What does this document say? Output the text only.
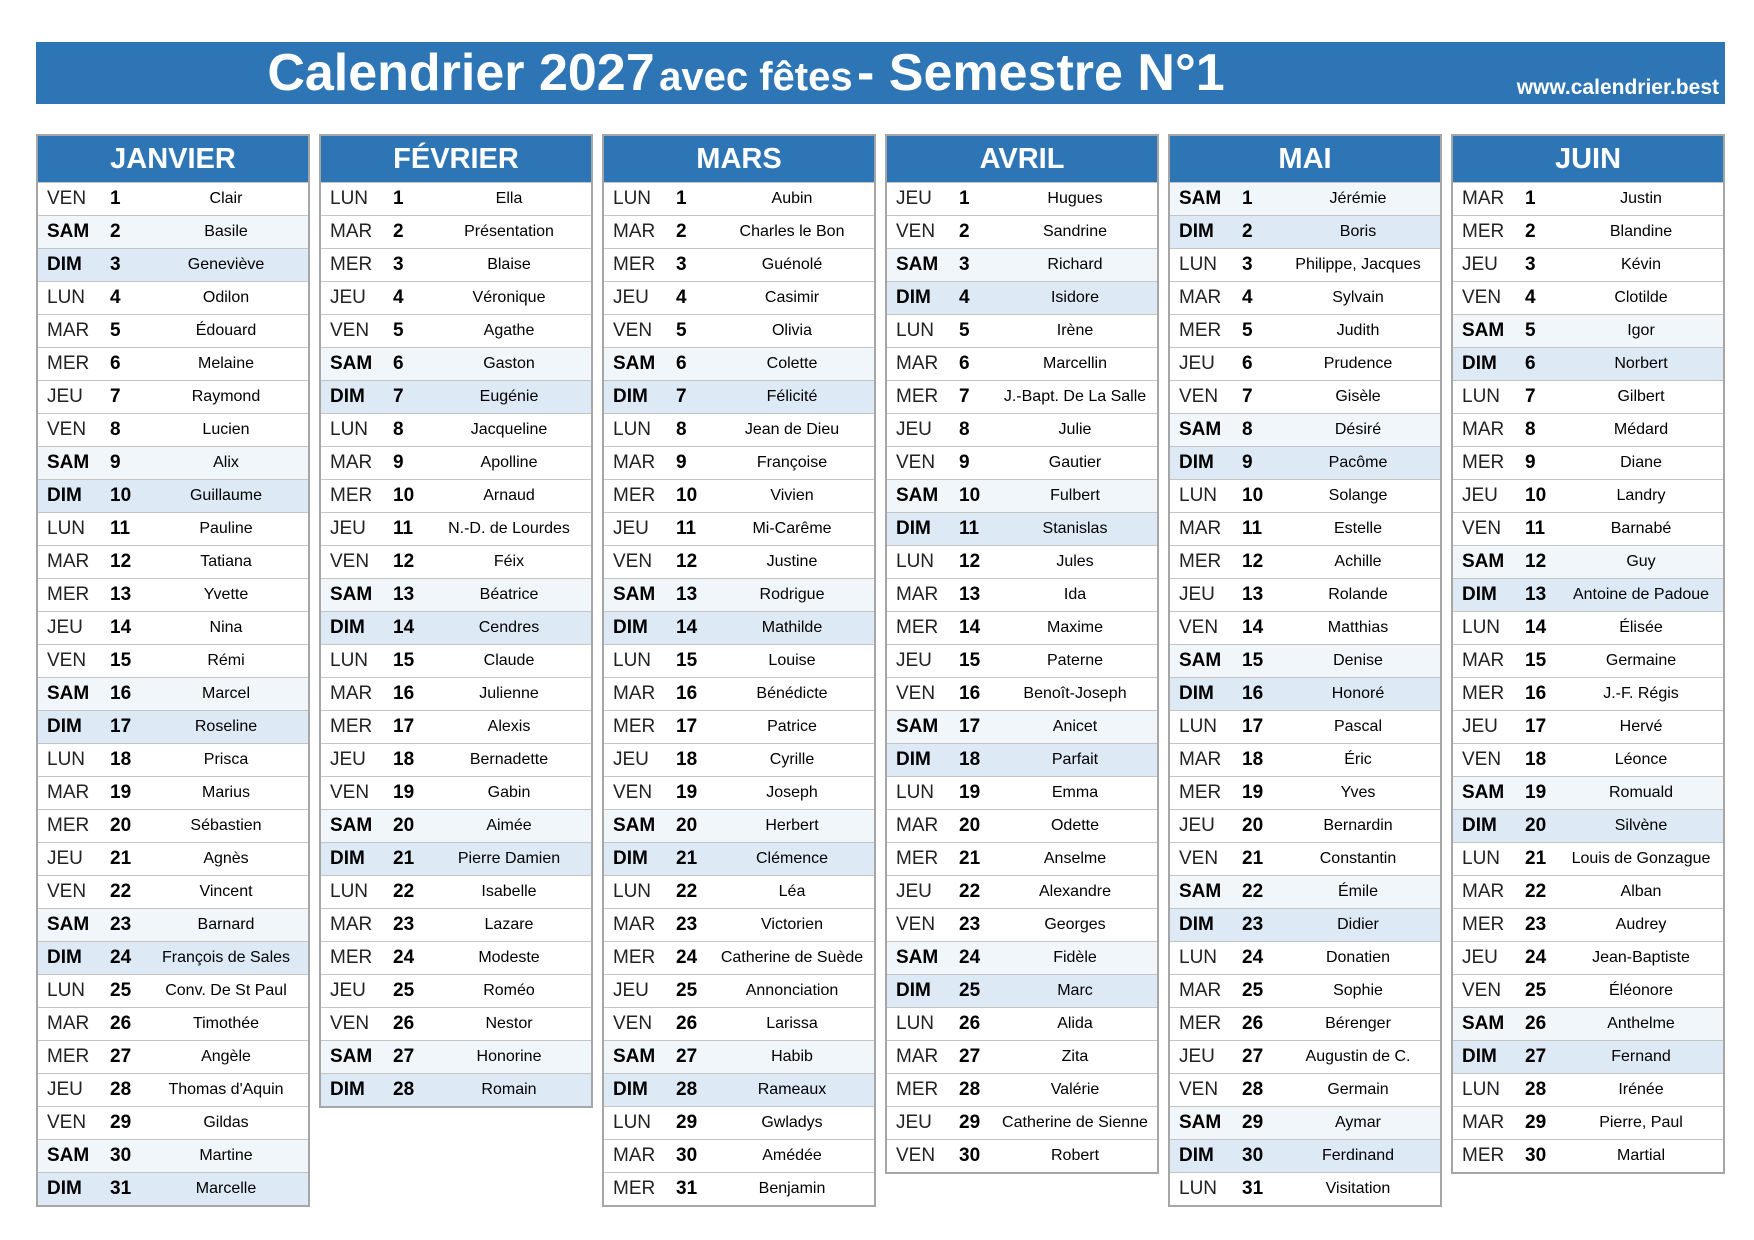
Calendrier 2027 avec fêtes - Semestre N°1	www.calendrier.best
JANVIER
VEN 1	Clair
SAM 2	Basile
DIM 3	Geneviève
LUN 4	Odilon
MAR 5	Édouard
MER 6	Melaine
JEU 7	Raymond
VEN 8	Lucien
SAM 9	Alix
DIM 10	Guillaume
LUN 11	Pauline
MAR 12	Tatiana
MER 13	Yvette
JEU 14	Nina
VEN 15	Rémi
SAM 16	Marcel
DIM 17	Roseline
LUN 18	Prisca
MAR 19	Marius
MER 20	Sébastien
JEU 21	Agnès
VEN 22	Vincent
SAM 23	Barnard
DIM 24	François de Sales
LUN 25	Conv. De St Paul
MAR 26	Timothée
MER 27	Angèle
JEU 28	Thomas d'Aquin
VEN 29	Gildas
SAM 30	Martine
DIM 31	Marcelle
FÉVRIER
LUN 1	Ella
MAR 2	Présentation
MER 3	Blaise
JEU 4	Véronique
VEN 5	Agathe
SAM 6	Gaston
DIM 7	Eugénie
LUN 8	Jacqueline
MAR 9	Apolline
MER 10	Arnaud
JEU 11	N.-D. de Lourdes
VEN 12	Féix
SAM 13	Béatrice
DIM 14	Cendres
LUN 15	Claude
MAR 16	Julienne
MER 17	Alexis
JEU 18	Bernadette
VEN 19	Gabin
SAM 20	Aimée
DIM 21	Pierre Damien
LUN 22	Isabelle
MAR 23	Lazare
MER 24	Modeste
JEU 25	Roméo
VEN 26	Nestor
SAM 27	Honorine
DIM 28	Romain
MARS
LUN 1	Aubin
MAR 2	Charles le Bon
MER 3	Guénolé
JEU 4	Casimir
VEN 5	Olivia
SAM 6	Colette
DIM 7	Félicité
LUN 8	Jean de Dieu
MAR 9	Françoise
MER 10	Vivien
JEU 11	Mi-Carême
VEN 12	Justine
SAM 13	Rodrigue
DIM 14	Mathilde
LUN 15	Louise
MAR 16	Bénédicte
MER 17	Patrice
JEU 18	Cyrille
VEN 19	Joseph
SAM 20	Herbert
DIM 21	Clémence
LUN 22	Léa
MAR 23	Victorien
MER 24	Catherine de Suède
JEU 25	Annonciation
VEN 26	Larissa
SAM 27	Habib
DIM 28	Rameaux
LUN 29	Gwladys
MAR 30	Amédée
MER 31	Benjamin
AVRIL
JEU 1	Hugues
VEN 2	Sandrine
SAM 3	Richard
DIM 4	Isidore
LUN 5	Irène
MAR 6	Marcellin
MER 7	J.-Bapt. De La Salle
JEU 8	Julie
VEN 9	Gautier
SAM 10	Fulbert
DIM 11	Stanislas
LUN 12	Jules
MAR 13	Ida
MER 14	Maxime
JEU 15	Paterne
VEN 16	Benoît-Joseph
SAM 17	Anicet
DIM 18	Parfait
LUN 19	Emma
MAR 20	Odette
MER 21	Anselme
JEU 22	Alexandre
VEN 23	Georges
SAM 24	Fidèle
DIM 25	Marc
LUN 26	Alida
MAR 27	Zita
MER 28	Valérie
JEU 29	Catherine de Sienne
VEN 30	Robert
MAI
SAM 1	Jérémie
DIM 2	Boris
LUN 3	Philippe, Jacques
MAR 4	Sylvain
MER 5	Judith
JEU 6	Prudence
VEN 7	Gisèle
SAM 8	Désiré
DIM 9	Pacôme
LUN 10	Solange
MAR 11	Estelle
MER 12	Achille
JEU 13	Rolande
VEN 14	Matthias
SAM 15	Denise
DIM 16	Honoré
LUN 17	Pascal
MAR 18	Éric
MER 19	Yves
JEU 20	Bernardin
VEN 21	Constantin
SAM 22	Émile
DIM 23	Didier
LUN 24	Donatien
MAR 25	Sophie
MER 26	Bérenger
JEU 27	Augustin de C.
VEN 28	Germain
SAM 29	Aymar
DIM 30	Ferdinand
LUN 31	Visitation
JUIN
MAR 1	Justin
MER 2	Blandine
JEU 3	Kévin
VEN 4	Clotilde
SAM 5	Igor
DIM 6	Norbert
LUN 7	Gilbert
MAR 8	Médard
MER 9	Diane
JEU 10	Landry
VEN 11	Barnabé
SAM 12	Guy
DIM 13	Antoine de Padoue
LUN 14	Élisée
MAR 15	Germaine
MER 16	J.-F. Régis
JEU 17	Hervé
VEN 18	Léonce
SAM 19	Romuald
DIM 20	Silvène
LUN 21	Louis de Gonzague
MAR 22	Alban
MER 23	Audrey
JEU 24	Jean-Baptiste
VEN 25	Éléonore
SAM 26	Anthelme
DIM 27	Fernand
LUN 28	Irénée
MAR 29	Pierre, Paul
MER 30	Martial
